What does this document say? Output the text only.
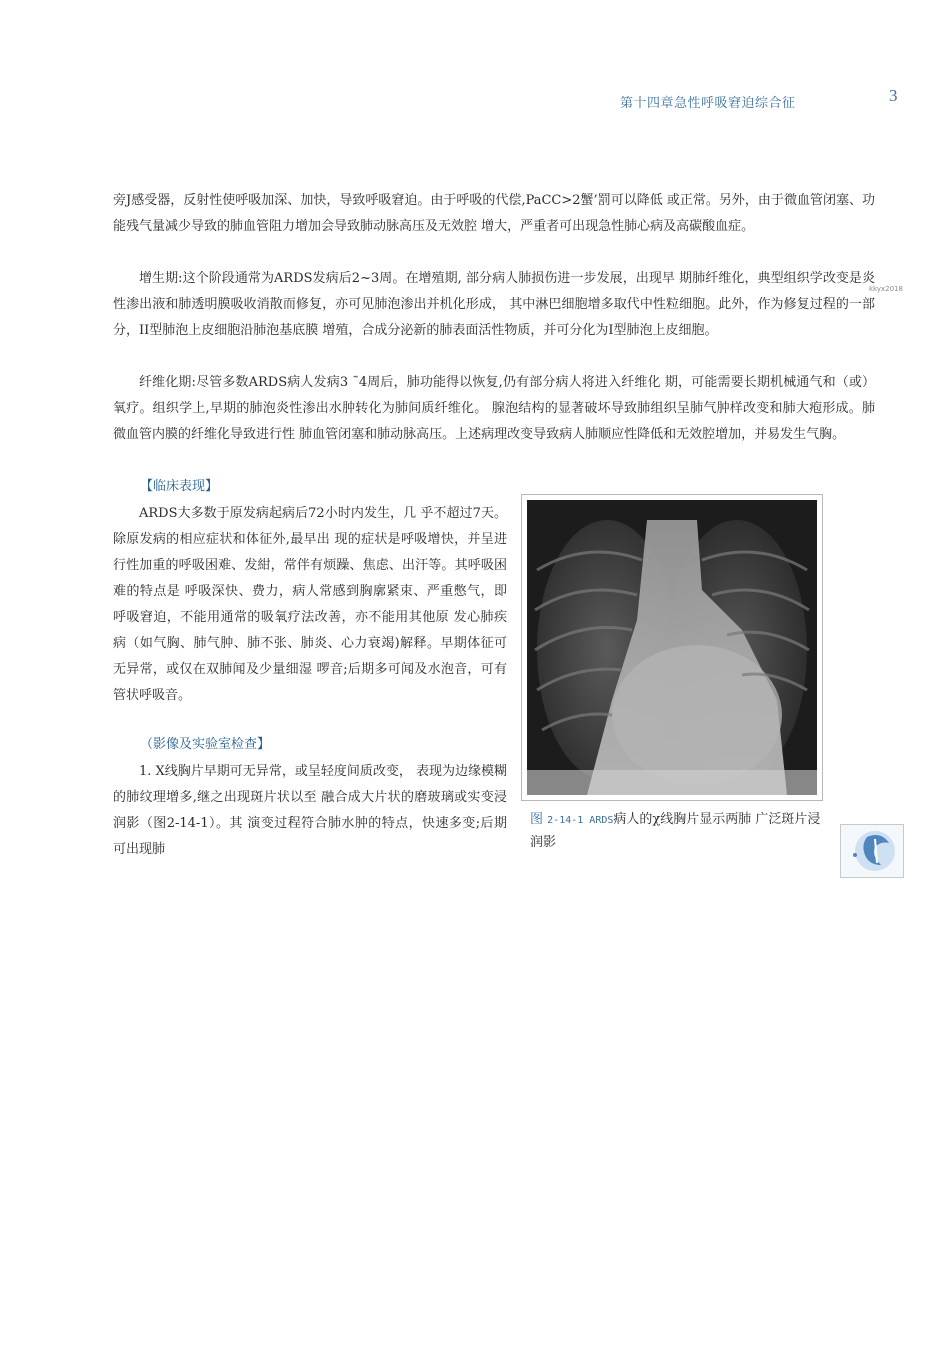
第十四章急性呼吸窘迫综合征	3

旁J感受器，反射性使呼吸加深、加快，导致呼吸窘迫。由于呼吸的代偿,PaCC>2蟹’罰可以降低 或正常。另外，由于微血管闭塞、功能残气量减少导致的肺血管阻力增加会导致肺动脉高压及无效腔 增大，严重者可出现急性肺心病及高碳酸血症。

增生期:这个阶段通常为ARDS发病后2~3周。在增殖期, 部分病人肺损伤进一步发展，出现早 期肺纤维化，典型组织学改变是炎性渗出液和肺透明膜吸收消散而修复，亦可见肺泡渗出并机化形成， 其中淋巴细胞增多取代中性粒细胞。此外，作为修复过程的一部分，II型肺泡上皮细胞沿肺泡基底膜 增殖，合成分泌新的肺表面活性物质，并可分化为I型肺泡上皮细胞。

kkyx2018

纤维化期:尽管多数ARDS病人发病3 ˜4周后，肺功能得以恢复,仍有部分病人将进入纤维化 期，可能需要长期机械通气和（或）氧疗。组织学上,早期的肺泡炎性渗出水肿转化为肺间质纤维化。 腺泡结构的显著破坏导致肺组织呈肺气肿样改变和肺大疱形成。肺微血管内膜的纤维化导致进行性 肺血管闭塞和肺动脉高压。上述病理改变导致病人肺顺应性降低和无效腔增加，并易发生气胸。

【临床表现】

ARDS大多数于原发病起病后72小时内发生，几 乎不超过7天。除原发病的相应症状和体征外,最早出 现的症状是呼吸增快，并呈进行性加重的呼吸困难、发紺，常伴有烦躁、焦虑、出汗等。其呼吸困难的特点是 呼吸深快、费力，病人常感到胸廓紧束、严重憋气，即呼吸窘迫，不能用通常的吸氧疗法改善，亦不能用其他原 发心肺疾病（如气胸、肺气肿、肺不张、肺炎、心力衰竭)解释。早期体征可无异常，或仅在双肺闻及少量细湿 啰音;后期多可闻及水泡音，可有管状呼吸音。

（影像及实验室检查】

1. X线胸片早期可无异常，或呈轻度间质改变， 表现为边缘模糊的肺纹理增多,继之出现斑片状以至 融合成大片状的磨玻璃或实变浸润影（图2-14-1）。其 演变过程符合肺水肿的特点，快速多变;后期可出现肺

图 2-14-1 ARDS病人的χ线胸片显示两肺 广泛斑片浸润影
